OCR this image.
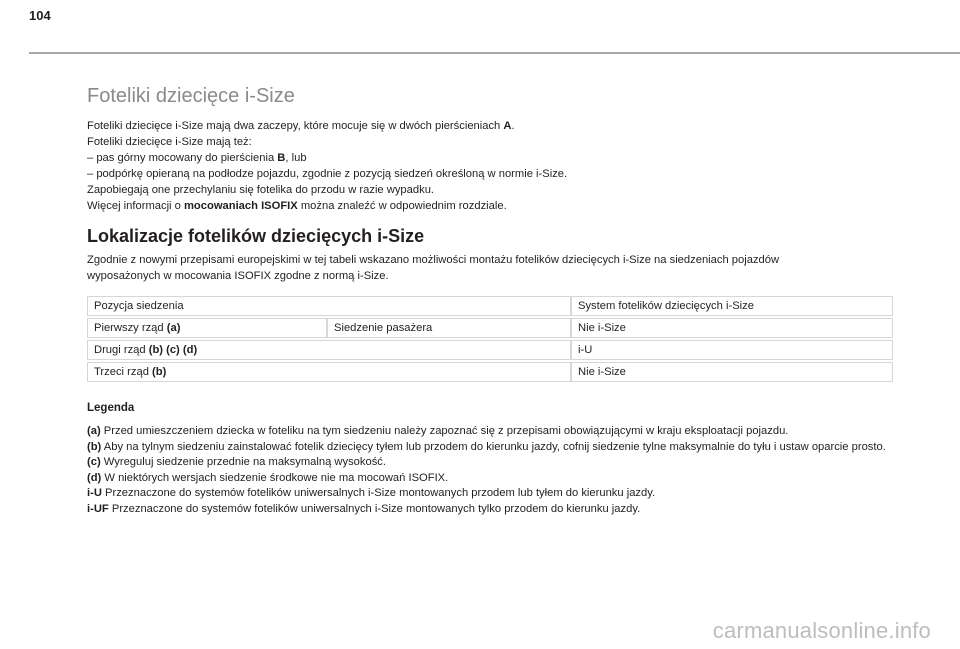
104
Foteliki dziecięce i-Size

Foteliki dziecięce i-Size mają dwa zaczepy, które mocuje się w dwóch pierścieniach A.

Foteliki dziecięce i-Size mają też:

– pas górny mocowany do pierścienia B, lub

– podpórkę opieraną na podłodze pojazdu, zgodnie z pozycją siedzeń określoną w normie i-Size.

Zapobiegają one przechylaniu się fotelika do przodu w razie wypadku.

Więcej informacji o mocowaniach ISOFIX można znaleźć w odpowiednim rozdziale.

Lokalizacje fotelików dziecięcych i-Size

Zgodnie z nowymi przepisami europejskimi w tej tabeli wskazano możliwości montażu fotelików dziecięcych i-Size na siedzeniach pojazdów

wyposażonych w mocowania ISOFIX zgodne z normą i-Size.

Pozycja siedzenia		System fotelików dziecięcych i-Size
Pierwszy rząd (a)	Siedzenie pasażera	Nie i-Size
Drugi rząd (b) (c) (d)		i-U
Trzeci rząd (b)		Nie i-Size

Legenda

(a) Przed umieszczeniem dziecka w foteliku na tym siedzeniu należy zapoznać się z przepisami obowiązującymi w kraju eksploatacji pojazdu.

(b) Aby na tylnym siedzeniu zainstalować fotelik dziecięcy tyłem lub przodem do kierunku jazdy, cofnij siedzenie tylne maksymalnie do tyłu i ustaw oparcie prosto.

(c) Wyreguluj siedzenie przednie na maksymalną wysokość.

(d) W niektórych wersjach siedzenie środkowe nie ma mocowań ISOFIX.

i-U Przeznaczone do systemów fotelików uniwersalnych i-Size montowanych przodem lub tyłem do kierunku jazdy.

i-UF Przeznaczone do systemów fotelików uniwersalnych i-Size montowanych tylko przodem do kierunku jazdy.

carmanualsonline.info
